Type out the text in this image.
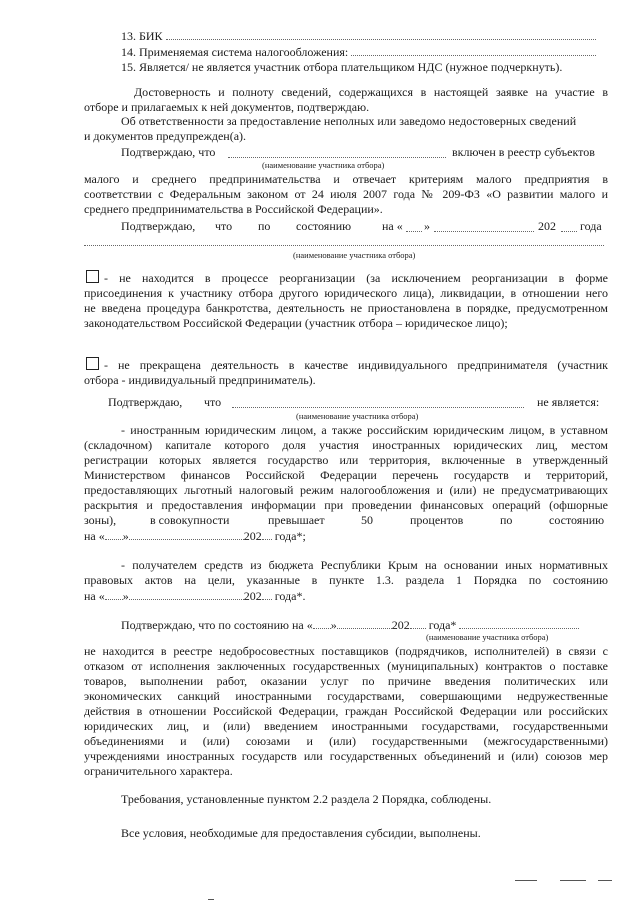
13. БИК
14. Применяемая система налогообложения:
15. Является/ не является участник отбора плательщиком НДС (нужное подчеркнуть).
Достоверность и полноту сведений, содержащихся в настоящей заявке на участие в
отборе и прилагаемых к ней документов, подтверждаю.
Об ответственности за предоставление неполных или заведомо недостоверных сведений
и документов предупрежден(а).
Подтверждаю, что	включен в реестр субъектов
(наименование участника отбора)
малого и среднего предпринимательства и отвечает критериям малого предприятия в
соответствии с Федеральным законом от 24 июля 2007 года № 209-ФЗ «О развитии малого и
среднего предпринимательства в Российской Федерации».
Подтверждаю, что по состоянию	на « »	202 года
(наименование участника отбора)
- не находится в процессе реорганизации (за исключением реорганизации в форме
присоединения к участнику отбора другого юридического лица), ликвидации, в отношении него
не введена процедура банкротства, деятельность не приостановлена в порядке, предусмотренном
законодательством Российской Федерации (участник отбора – юридическое лицо);
- не прекращена деятельность в качестве индивидуального предпринимателя (участник
отбора - индивидуальный предприниматель).
Подтверждаю, что	не является:
(наименование участника отбора)
- иностранным юридическим лицом, а также российским юридическим лицом, в уставном
(складочном) капитале которого доля участия иностранных юридических лиц, местом
регистрации которых является государство или территория, включенные в утвержденный
Министерством финансов Российской Федерации перечень государств и территорий,
предоставляющих льготный налоговый режим налогообложения и (или) не предусматривающих
раскрытия и предоставления информации при проведении финансовых операций (офшорные
зоны),	в совокупности	превышает	50	процентов	по	состоянию
на « »	202 года*;
- получателем средств из бюджета Республики Крым на основании иных нормативных
правовых актов на цели, указанные в пункте 1.3. раздела 1 Порядка по состоянию
на « »	202 года*.
Подтверждаю, что по состоянию на « »	202 года*
(наименование участника отбора)
не находится в реестре недобросовестных поставщиков (подрядчиков, исполнителей) в связи с
отказом от исполнения заключенных государственных (муниципальных) контрактов о поставке
товаров, выполнении работ, оказании услуг по причине введения политических или
экономических санкций иностранными государствами, совершающими недружественные
действия в отношении Российской Федерации, граждан Российской Федерации или российских
юридических лиц, и (или) введением иностранными государствами, государственными
объединениями и (или) союзами и (или) государственными (межгосударственными)
учреждениями иностранных государств или государственных объединений и (или) союзов мер
ограничительного характера.
Требования, установленные пунктом 2.2 раздела 2 Порядка, соблюдены.
Все условия, необходимые для предоставления субсидии, выполнены.
